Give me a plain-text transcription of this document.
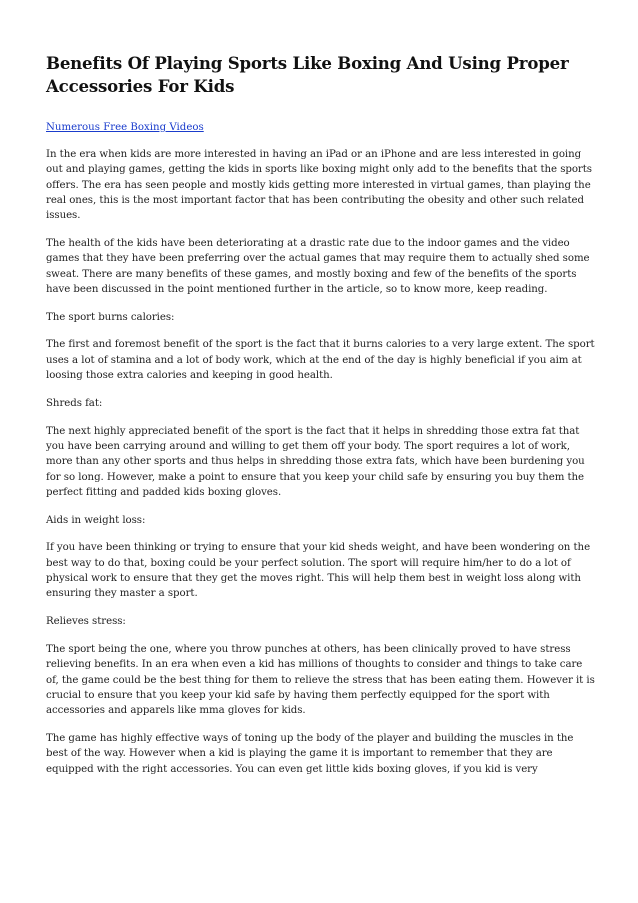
Benefits Of Playing Sports Like Boxing And Using Proper Accessories For Kids
Numerous Free Boxing Videos

In the era when kids are more interested in having an iPad or an iPhone and are less interested in going out and playing games, getting the kids in sports like boxing might only add to the benefits that the sports offers. The era has seen people and mostly kids getting more interested in virtual games, than playing the real ones, this is the most important factor that has been contributing the obesity and other such related issues.

The health of the kids have been deteriorating at a drastic rate due to the indoor games and the video games that they have been preferring over the actual games that may require them to actually shed some sweat. There are many benefits of these games, and mostly boxing and few of the benefits of the sports have been discussed in the point mentioned further in the article, so to know more, keep reading.

The sport burns calories:

The first and foremost benefit of the sport is the fact that it burns calories to a very large extent. The sport uses a lot of stamina and a lot of body work, which at the end of the day is highly beneficial if you aim at loosing those extra calories and keeping in good health.

Shreds fat:

The next highly appreciated benefit of the sport is the fact that it helps in shredding those extra fat that you have been carrying around and willing to get them off your body. The sport requires a lot of work, more than any other sports and thus helps in shredding those extra fats, which have been burdening you for so long. However, make a point to ensure that you keep your child safe by ensuring you buy them the perfect fitting and padded kids boxing gloves.

Aids in weight loss:

If you have been thinking or trying to ensure that your kid sheds weight, and have been wondering on the best way to do that, boxing could be your perfect solution. The sport will require him/her to do a lot of physical work to ensure that they get the moves right. This will help them best in weight loss along with ensuring they master a sport.

Relieves stress:

The sport being the one, where you throw punches at others, has been clinically proved to have stress relieving benefits. In an era when even a kid has millions of thoughts to consider and things to take care of, the game could be the best thing for them to relieve the stress that has been eating them. However it is crucial to ensure that you keep your kid safe by having them perfectly equipped for the sport with accessories and apparels like mma gloves for kids.

The game has highly effective ways of toning up the body of the player and building the muscles in the best of the way. However when a kid is playing the game it is important to remember that they are equipped with the right accessories. You can even get little kids boxing gloves, if you kid is very
